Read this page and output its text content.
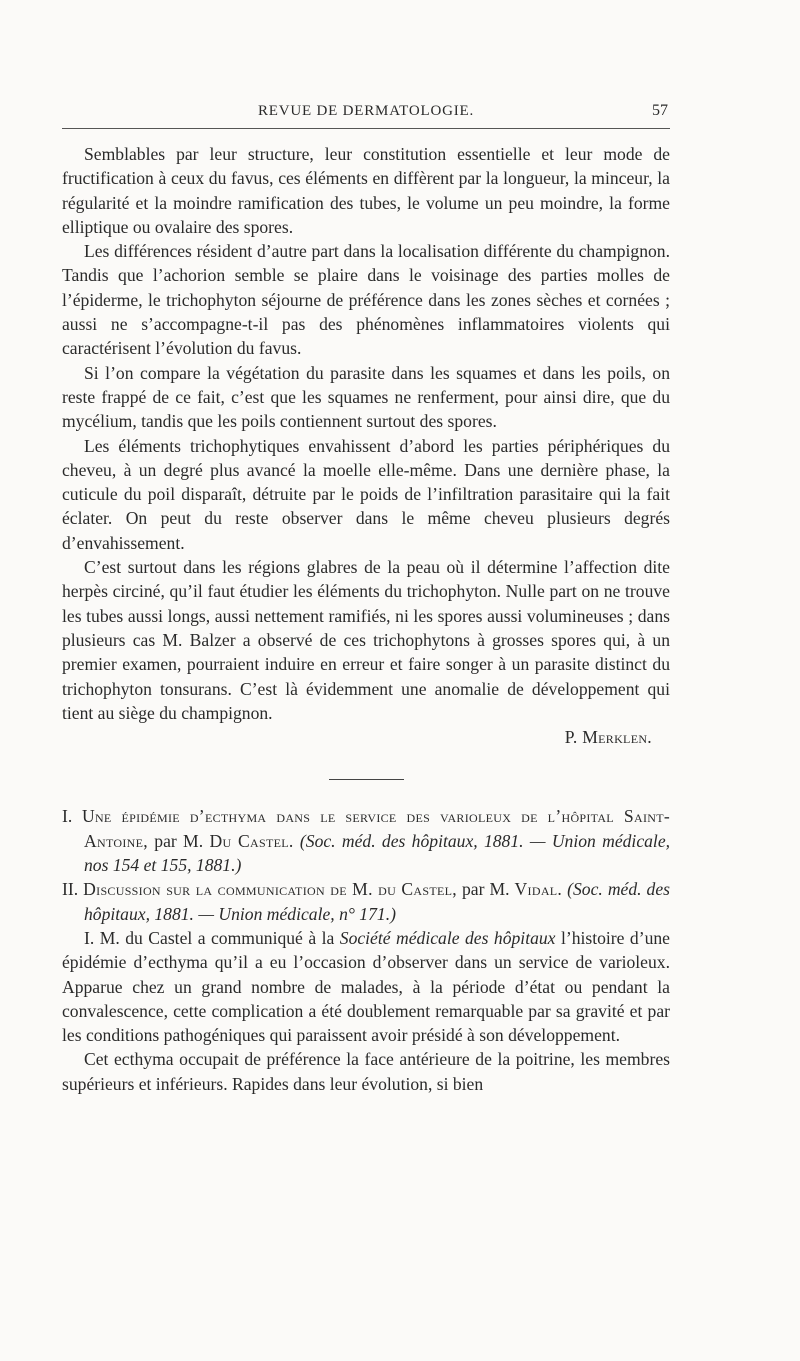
REVUE DE DERMATOLOGIE.	57

Semblables par leur structure, leur constitution essentielle et leur mode de fructification à ceux du favus, ces éléments en diffèrent par la longueur, la minceur, la régularité et la moindre ramification des tubes, le volume un peu moindre, la forme elliptique ou ovalaire des spores.

Les différences résident d’autre part dans la localisation différente du champignon. Tandis que l’achorion semble se plaire dans le voisinage des parties molles de l’épiderme, le trichophyton séjourne de préférence dans les zones sèches et cornées ; aussi ne s’accompagne-t-il pas des phénomènes inflammatoires violents qui caractérisent l’évolution du favus.

Si l’on compare la végétation du parasite dans les squames et dans les poils, on reste frappé de ce fait, c’est que les squames ne renferment, pour ainsi dire, que du mycélium, tandis que les poils contiennent surtout des spores.

Les éléments trichophytiques envahissent d’abord les parties périphériques du cheveu, à un degré plus avancé la moelle elle-même. Dans une dernière phase, la cuticule du poil disparaît, détruite par le poids de l’infiltration parasitaire qui la fait éclater. On peut du reste observer dans le même cheveu plusieurs degrés d’envahissement.

C’est surtout dans les régions glabres de la peau où il détermine l’affection dite herpès circiné, qu’il faut étudier les éléments du trichophyton. Nulle part on ne trouve les tubes aussi longs, aussi nettement ramifiés, ni les spores aussi volumineuses ; dans plusieurs cas M. Balzer a observé de ces trichophytons à grosses spores qui, à un premier examen, pourraient induire en erreur et faire songer à un parasite distinct du trichophyton tonsurans. C’est là évidemment une anomalie de développement qui tient au siège du champignon.
P. Merklen.

I. Une épidémie d’ecthyma dans le service des varioleux de l’hôpital Saint-Antoine, par M. Du Castel. (Soc. méd. des hôpitaux, 1881. — Union médicale, nos 154 et 155, 1881.)

II. Discussion sur la communication de M. du Castel, par M. Vidal. (Soc. méd. des hôpitaux, 1881. — Union médicale, n° 171.)

I. M. du Castel a communiqué à la Société médicale des hôpitaux l’histoire d’une épidémie d’ecthyma qu’il a eu l’occasion d’observer dans un service de varioleux. Apparue chez un grand nombre de malades, à la période d’état ou pendant la convalescence, cette complication a été doublement remarquable par sa gravité et par les conditions pathogéniques qui paraissent avoir présidé à son développement.

Cet ecthyma occupait de préférence la face antérieure de la poitrine, les membres supérieurs et inférieurs. Rapides dans leur évolution, si bien
